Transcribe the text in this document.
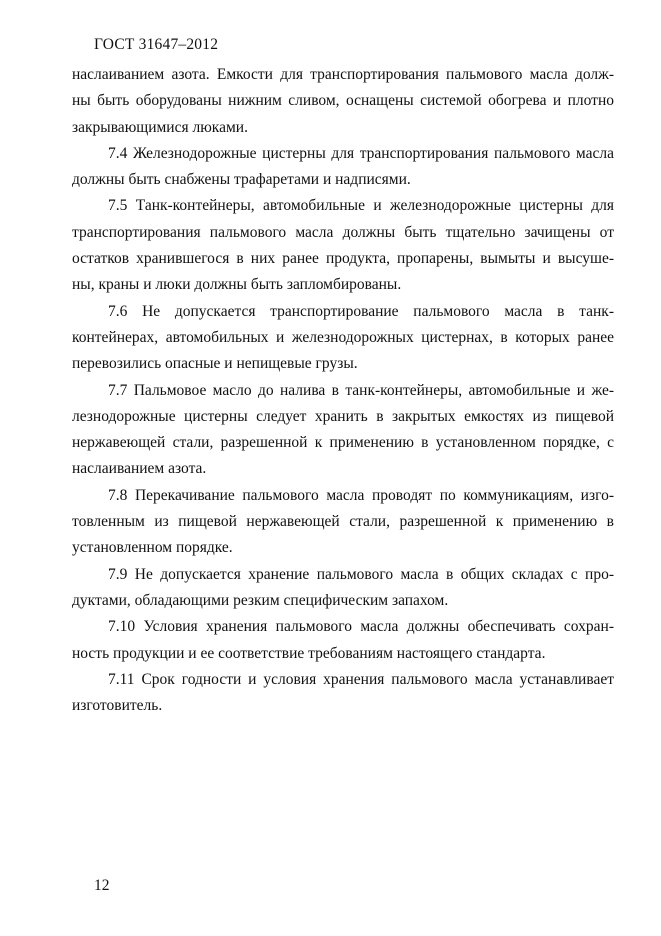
ГОСТ 31647–2012
наслаиванием азота. Емкости для транспортирования пальмового масла долж-
ны быть оборудованы нижним сливом, оснащены системой обогрева и плотно
закрывающимися люками.
7.4 Железнодорожные цистерны для транспортирования пальмового масла
должны быть снабжены трафаретами и надписями.
7.5 Танк-контейнеры, автомобильные и железнодорожные цистерны для
транспортирования пальмового масла должны быть тщательно зачищены от
остатков хранившегося в них ранее продукта, пропарены, вымыты и высуше-
ны, краны и люки должны быть запломбированы.
7.6 Не допускается транспортирование пальмового масла в танк-
контейнерах, автомобильных и железнодорожных цистернах, в которых ранее
перевозились опасные и непищевые грузы.
7.7 Пальмовое масло до налива в танк-контейнеры, автомобильные и же-
лезнодорожные цистерны следует хранить в закрытых емкостях из пищевой
нержавеющей стали, разрешенной к применению в установленном порядке, с
наслаиванием азота.
7.8 Перекачивание пальмового масла проводят по коммуникациям, изго-
товленным из пищевой нержавеющей стали, разрешенной к применению в
установленном порядке.
7.9 Не допускается хранение пальмового масла в общих складах с про-
дуктами, обладающими резким специфическим запахом.
7.10 Условия хранения пальмового масла должны обеспечивать сохран-
ность продукции и ее соответствие требованиям настоящего стандарта.
7.11 Срок годности и условия хранения пальмового масла устанавливает
изготовитель.
12
